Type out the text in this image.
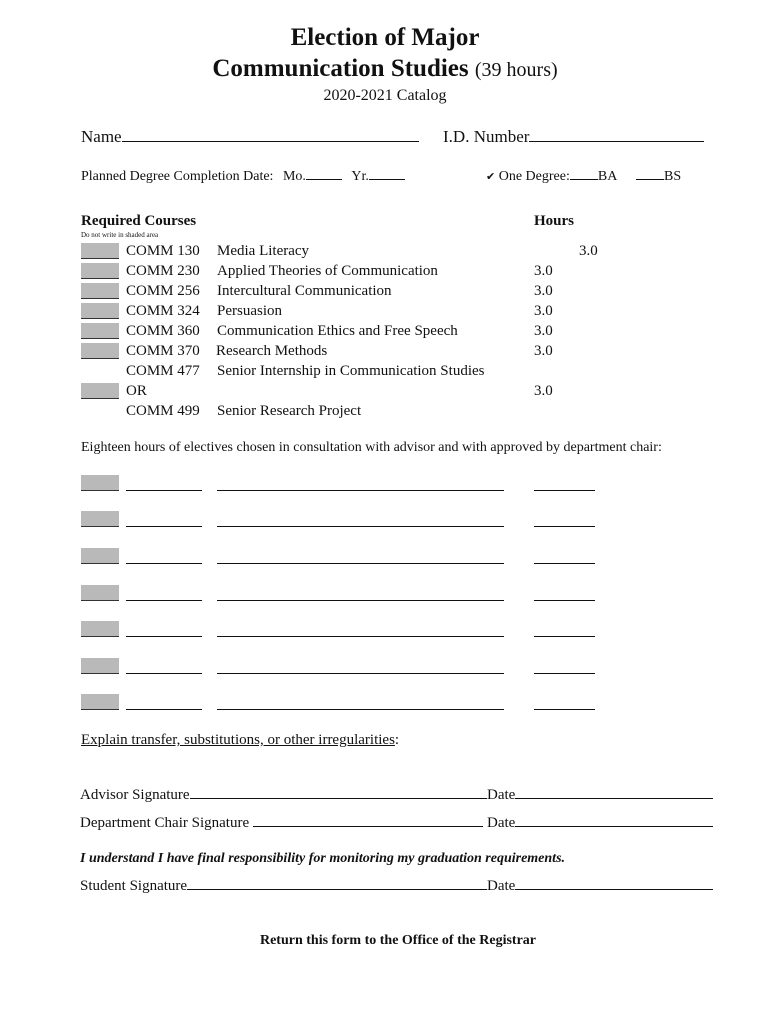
Election of Major
Communication Studies (39 hours)
2020-2021 Catalog
Name	I.D. Number
Planned Degree Completion Date: Mo.	Yr.	✔ One Degree: BA	BS
Required Courses
Do not write in shaded area
Hours
COMM 130 Media Literacy	3.0
COMM 230 Applied Theories of Communication	3.0
COMM 256 Intercultural Communication	3.0
COMM 324 Persuasion	3.0
COMM 360 Communication Ethics and Free Speech	3.0
COMM 370 Research Methods	3.0
COMM 477 Senior Internship in Communication Studies
OR	3.0
COMM 499 Senior Research Project
Eighteen hours of electives chosen in consultation with advisor and with approved by department chair:
Explain transfer, substitutions, or other irregularities:
Advisor Signature	Date
Department Chair Signature	Date
I understand I have final responsibility for monitoring my graduation requirements.
Student Signature	Date
Return this form to the Office of the Registrar
